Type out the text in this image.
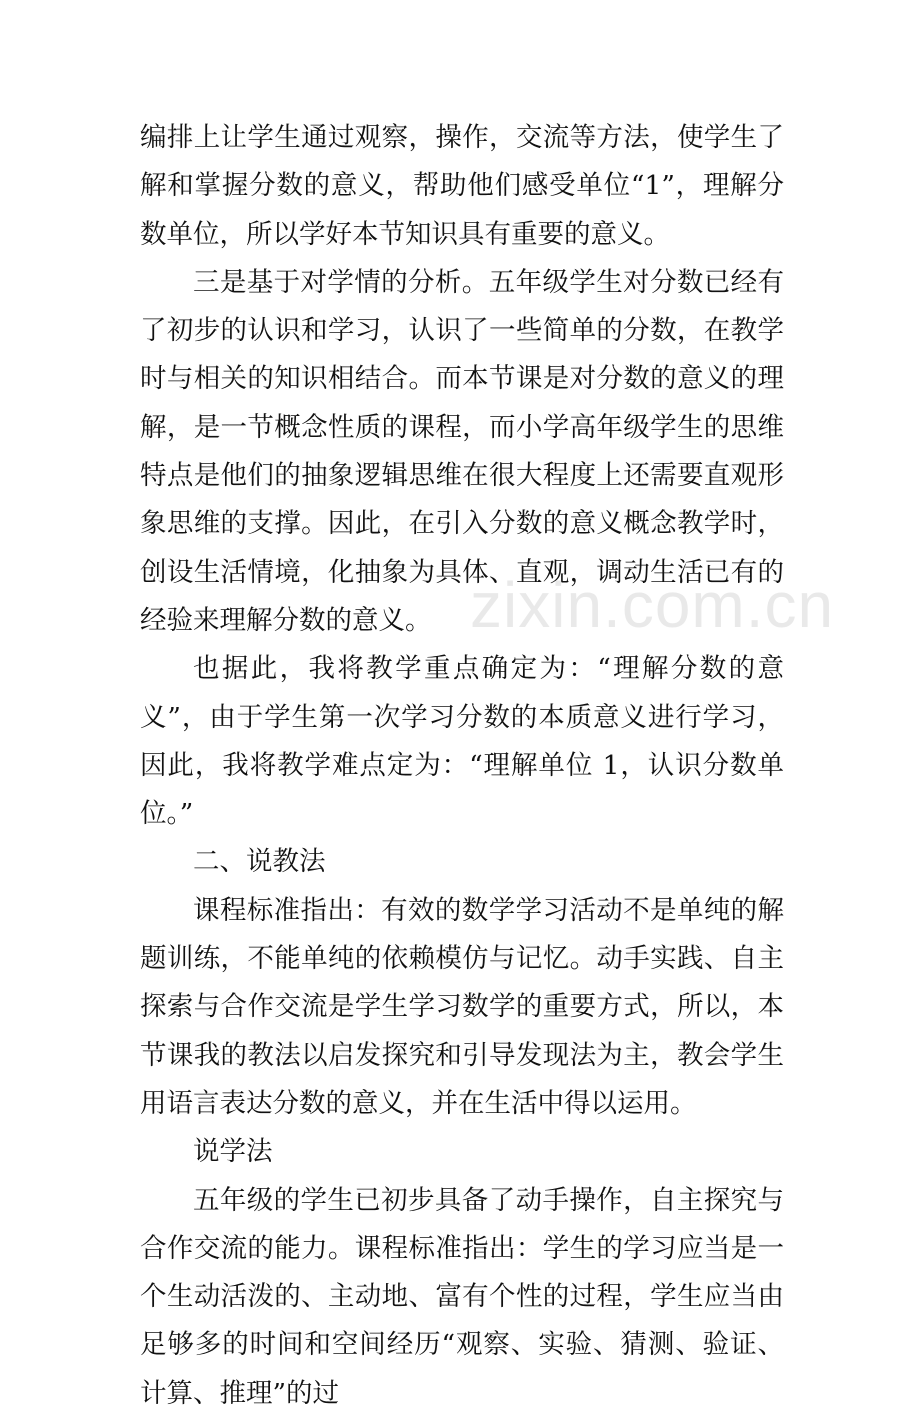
编排上让学生通过观察，操作，交流等方法，使学生了解和掌握分数的意义，帮助他们感受单位“1”，理解分数单位，所以学好本节知识具有重要的意义。

三是基于对学情的分析。五年级学生对分数已经有了初步的认识和学习，认识了一些简单的分数，在教学时与相关的知识相结合。而本节课是对分数的意义的理解，是一节概念性质的课程，而小学高年级学生的思维特点是他们的抽象逻辑思维在很大程度上还需要直观形象思维的支撑。因此，在引入分数的意义概念教学时，创设生活情境，化抽象为具体、直观，调动生活已有的经验来理解分数的意义。

也据此，我将教学重点确定为：“理解分数的意义”，由于学生第一次学习分数的本质意义进行学习，因此，我将教学难点定为：“理解单位 1，认识分数单位。”

二、说教法

课程标准指出：有效的数学学习活动不是单纯的解题训练，不能单纯的依赖模仿与记忆。动手实践、自主探索与合作交流是学生学习数学的重要方式，所以，本节课我的教法以启发探究和引导发现法为主，教会学生用语言表达分数的意义，并在生活中得以运用。

说学法

五年级的学生已初步具备了动手操作，自主探究与合作交流的能力。课程标准指出：学生的学习应当是一个生动活泼的、主动地、富有个性的过程，学生应当由足够多的时间和空间经历“观察、实验、猜测、验证、计算、推理”的过

zixin.com.cn
